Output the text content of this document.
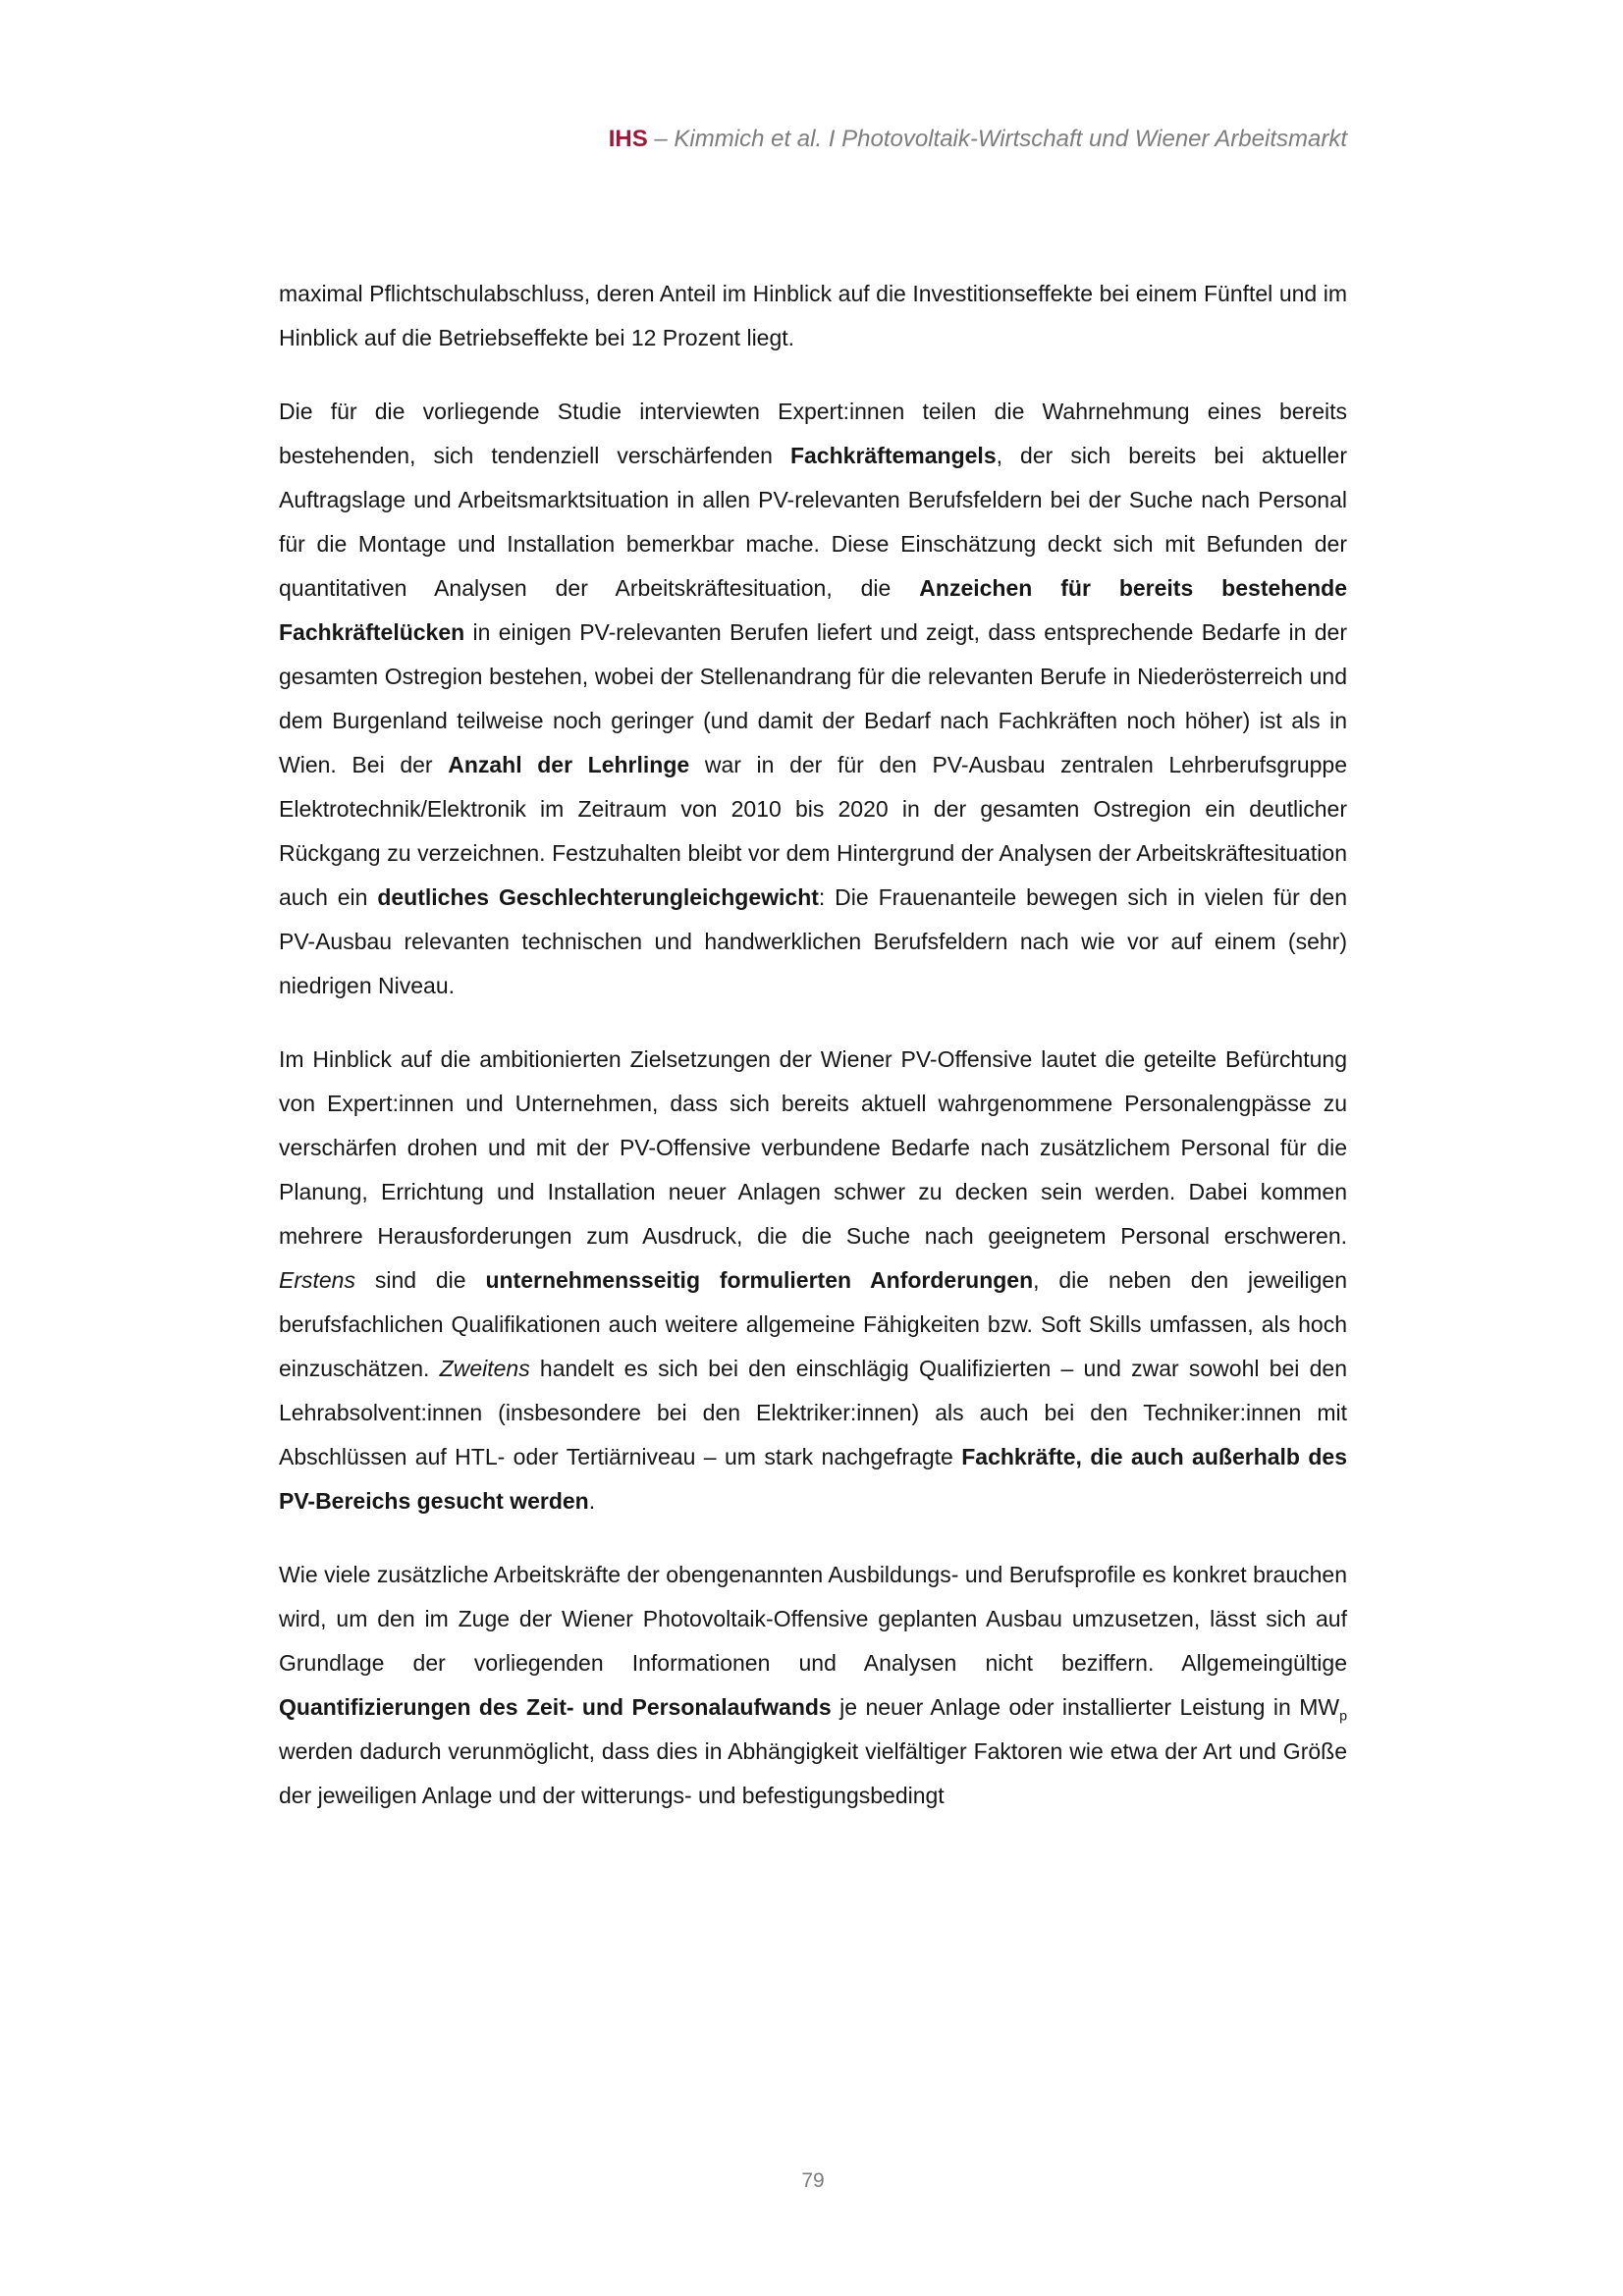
IHS – Kimmich et al. I Photovoltaik-Wirtschaft und Wiener Arbeitsmarkt

maximal Pflichtschulabschluss, deren Anteil im Hinblick auf die Investitionseffekte bei einem Fünftel und im Hinblick auf die Betriebseffekte bei 12 Prozent liegt.

Die für die vorliegende Studie interviewten Expert:innen teilen die Wahrnehmung eines bereits bestehenden, sich tendenziell verschärfenden Fachkräftemangels, der sich bereits bei aktueller Auftragslage und Arbeitsmarktsituation in allen PV-relevanten Berufsfeldern bei der Suche nach Personal für die Montage und Installation bemerkbar mache. Diese Einschätzung deckt sich mit Befunden der quantitativen Analysen der Arbeitskräftesituation, die Anzeichen für bereits bestehende Fachkräftelücken in einigen PV-relevanten Berufen liefert und zeigt, dass entsprechende Bedarfe in der gesamten Ostregion bestehen, wobei der Stellenandrang für die relevanten Berufe in Niederösterreich und dem Burgenland teilweise noch geringer (und damit der Bedarf nach Fachkräften noch höher) ist als in Wien. Bei der Anzahl der Lehrlinge war in der für den PV-Ausbau zentralen Lehrberufsgruppe Elektrotechnik/Elektronik im Zeitraum von 2010 bis 2020 in der gesamten Ostregion ein deutlicher Rückgang zu verzeichnen. Festzuhalten bleibt vor dem Hintergrund der Analysen der Arbeitskräftesituation auch ein deutliches Geschlechterungleichgewicht: Die Frauenanteile bewegen sich in vielen für den PV-Ausbau relevanten technischen und handwerklichen Berufsfeldern nach wie vor auf einem (sehr) niedrigen Niveau.

Im Hinblick auf die ambitionierten Zielsetzungen der Wiener PV-Offensive lautet die geteilte Befürchtung von Expert:innen und Unternehmen, dass sich bereits aktuell wahrgenommene Personalengpässe zu verschärfen drohen und mit der PV-Offensive verbundene Bedarfe nach zusätzlichem Personal für die Planung, Errichtung und Installation neuer Anlagen schwer zu decken sein werden. Dabei kommen mehrere Herausforderungen zum Ausdruck, die die Suche nach geeignetem Personal erschweren. Erstens sind die unternehmensseitig formulierten Anforderungen, die neben den jeweiligen berufsfachlichen Qualifikationen auch weitere allgemeine Fähigkeiten bzw. Soft Skills umfassen, als hoch einzuschätzen. Zweitens handelt es sich bei den einschlägig Qualifizierten – und zwar sowohl bei den Lehrabsolvent:innen (insbesondere bei den Elektriker:innen) als auch bei den Techniker:innen mit Abschlüssen auf HTL- oder Tertiärniveau – um stark nachgefragte Fachkräfte, die auch außerhalb des PV-Bereichs gesucht werden.

Wie viele zusätzliche Arbeitskräfte der obengenannten Ausbildungs- und Berufsprofile es konkret brauchen wird, um den im Zuge der Wiener Photovoltaik-Offensive geplanten Ausbau umzusetzen, lässt sich auf Grundlage der vorliegenden Informationen und Analysen nicht beziffern. Allgemeingültige Quantifizierungen des Zeit- und Personalaufwands je neuer Anlage oder installierter Leistung in $MW_p$ werden dadurch verunmöglicht, dass dies in Abhängigkeit vielfältiger Faktoren wie etwa der Art und Größe der jeweiligen Anlage und der witterungs- und befestigungsbedingt

79
